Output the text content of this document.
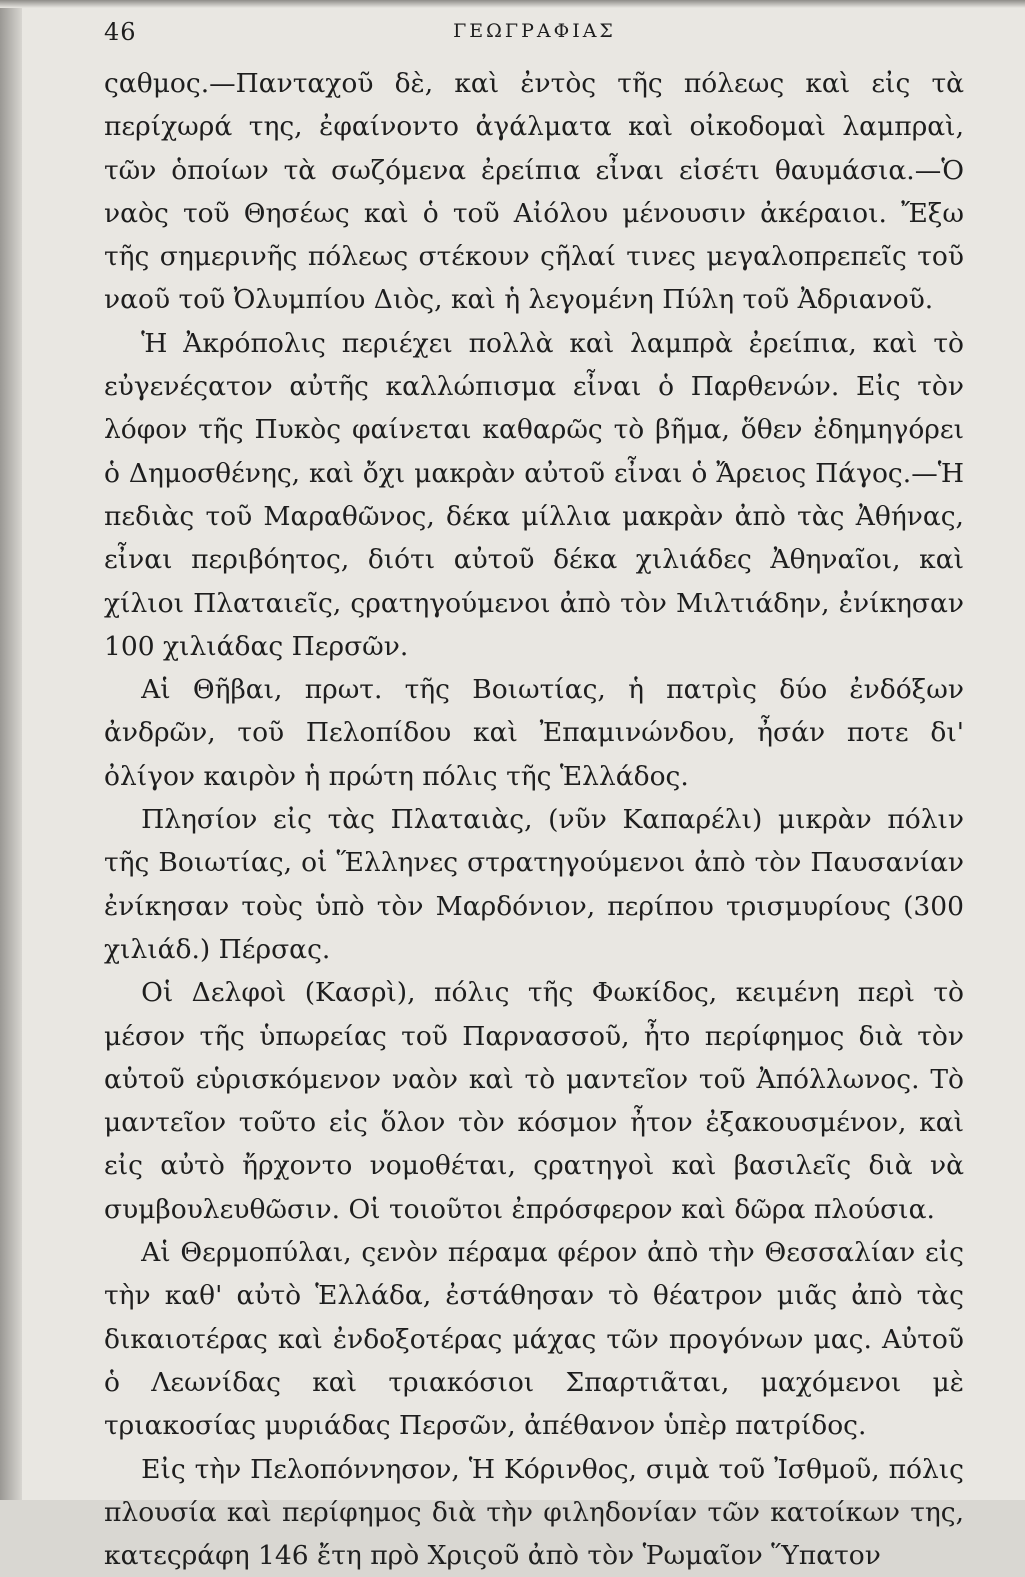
46	ΓΕΩΓΡΑΦΙΑΣ

ςαθμος.—Πανταχοῦ δὲ, καὶ ἐντὸς τῆς πόλεως καὶ εἰς τὰ περίχωρά της, ἐφαίνοντο ἀγάλματα καὶ οἰκοδομαὶ λαμπραὶ, τῶν ὁποίων τὰ σωζόμενα ἐρείπια εἶναι εἰσέτι θαυμάσια.—Ὁ ναὸς τοῦ Θησέως καὶ ὁ τοῦ Αἰόλου μένουσιν ἀκέραιοι. Ἔξω τῆς σημερινῆς πόλεως στέκουν ςῆλαί τινες μεγαλοπρεπεῖς τοῦ ναοῦ τοῦ Ὀλυμπίου Διὸς, καὶ ἡ λεγομένη Πύλη τοῦ Ἀδριανοῦ.

Ἡ Ἀκρόπολις περιέχει πολλὰ καὶ λαμπρὰ ἐρείπια, καὶ τὸ εὐγενέςατον αὐτῆς καλλώπισμα εἶναι ὁ Παρθενών. Εἰς τὸν λόφον τῆς Πυκὸς φαίνεται καθαρῶς τὸ βῆμα, ὅθεν ἐδημηγόρει ὁ Δημοσθένης, καὶ ὄχι μακρὰν αὐτοῦ εἶναι ὁ Ἄρειος Πάγος.—Ἡ πεδιὰς τοῦ Μαραθῶνος, δέκα μίλλια μακρὰν ἀπὸ τὰς Ἀθήνας, εἶναι περιβόητος, διότι αὐτοῦ δέκα χιλιάδες Ἀθηναῖοι, καὶ χίλιοι Πλαταιεῖς, ςρατηγούμενοι ἀπὸ τὸν Μιλτιάδην, ἐνίκησαν 100 χιλιάδας Περσῶν.

Αἱ Θῆβαι, πρωτ. τῆς Βοιωτίας, ἡ πατρὶς δύο ἐνδόξων ἀνδρῶν, τοῦ Πελοπίδου καὶ Ἐπαμινώνδου, ἦσάν ποτε δι' ὀλίγον καιρὸν ἡ πρώτη πόλις τῆς Ἑλλάδος.

Πλησίον εἰς τὰς Πλαταιὰς, (νῦν Καπαρέλι) μικρὰν πόλιν τῆς Βοιωτίας, οἱ Ἕλληνες στρατηγούμενοι ἀπὸ τὸν Παυσανίαν ἐνίκησαν τοὺς ὑπὸ τὸν Μαρδόνιον, περίπου τρισμυρίους (300 χιλιάδ.) Πέρσας.

Οἱ Δελφοὶ (Κασρὶ), πόλις τῆς Φωκίδος, κειμένη περὶ τὸ μέσον τῆς ὑπωρείας τοῦ Παρνασσοῦ, ἦτο περίφημος διὰ τὸν αὐτοῦ εὑρισκόμενον ναὸν καὶ τὸ μαντεῖον τοῦ Ἀπόλλωνος. Τὸ μαντεῖον τοῦτο εἰς ὅλον τὸν κόσμον ἦτον ἐξακουσμένον, καὶ εἰς αὐτὸ ἤρχοντο νομοθέται, ςρατηγοὶ καὶ βασιλεῖς διὰ νὰ συμβουλευθῶσιν. Οἱ τοιοῦτοι ἐπρόσφερον καὶ δῶρα πλούσια.

Αἱ Θερμοπύλαι, ςενὸν πέραμα φέρον ἀπὸ τὴν Θεσσαλίαν εἰς τὴν καθ' αὐτὸ Ἑλλάδα, ἐστάθησαν τὸ θέατρον μιᾶς ἀπὸ τὰς δικαιοτέρας καὶ ἐνδοξοτέρας μάχας τῶν προγόνων μας. Αὐτοῦ ὁ Λεωνίδας καὶ τριακόσιοι Σπαρτιᾶται, μαχόμενοι μὲ τριακοσίας μυριάδας Περσῶν, ἀπέθανον ὑπὲρ πατρίδος.

Εἰς τὴν Πελοπόννησον, Ἡ Κόρινθος, σιμὰ τοῦ Ἰσθμοῦ, πόλις πλουσία καὶ περίφημος διὰ τὴν φιληδονίαν τῶν κατοίκων της, κατεςράφη 146 ἔτη πρὸ Χριςοῦ ἀπὸ τὸν Ῥωμαῖον Ὕπατον
